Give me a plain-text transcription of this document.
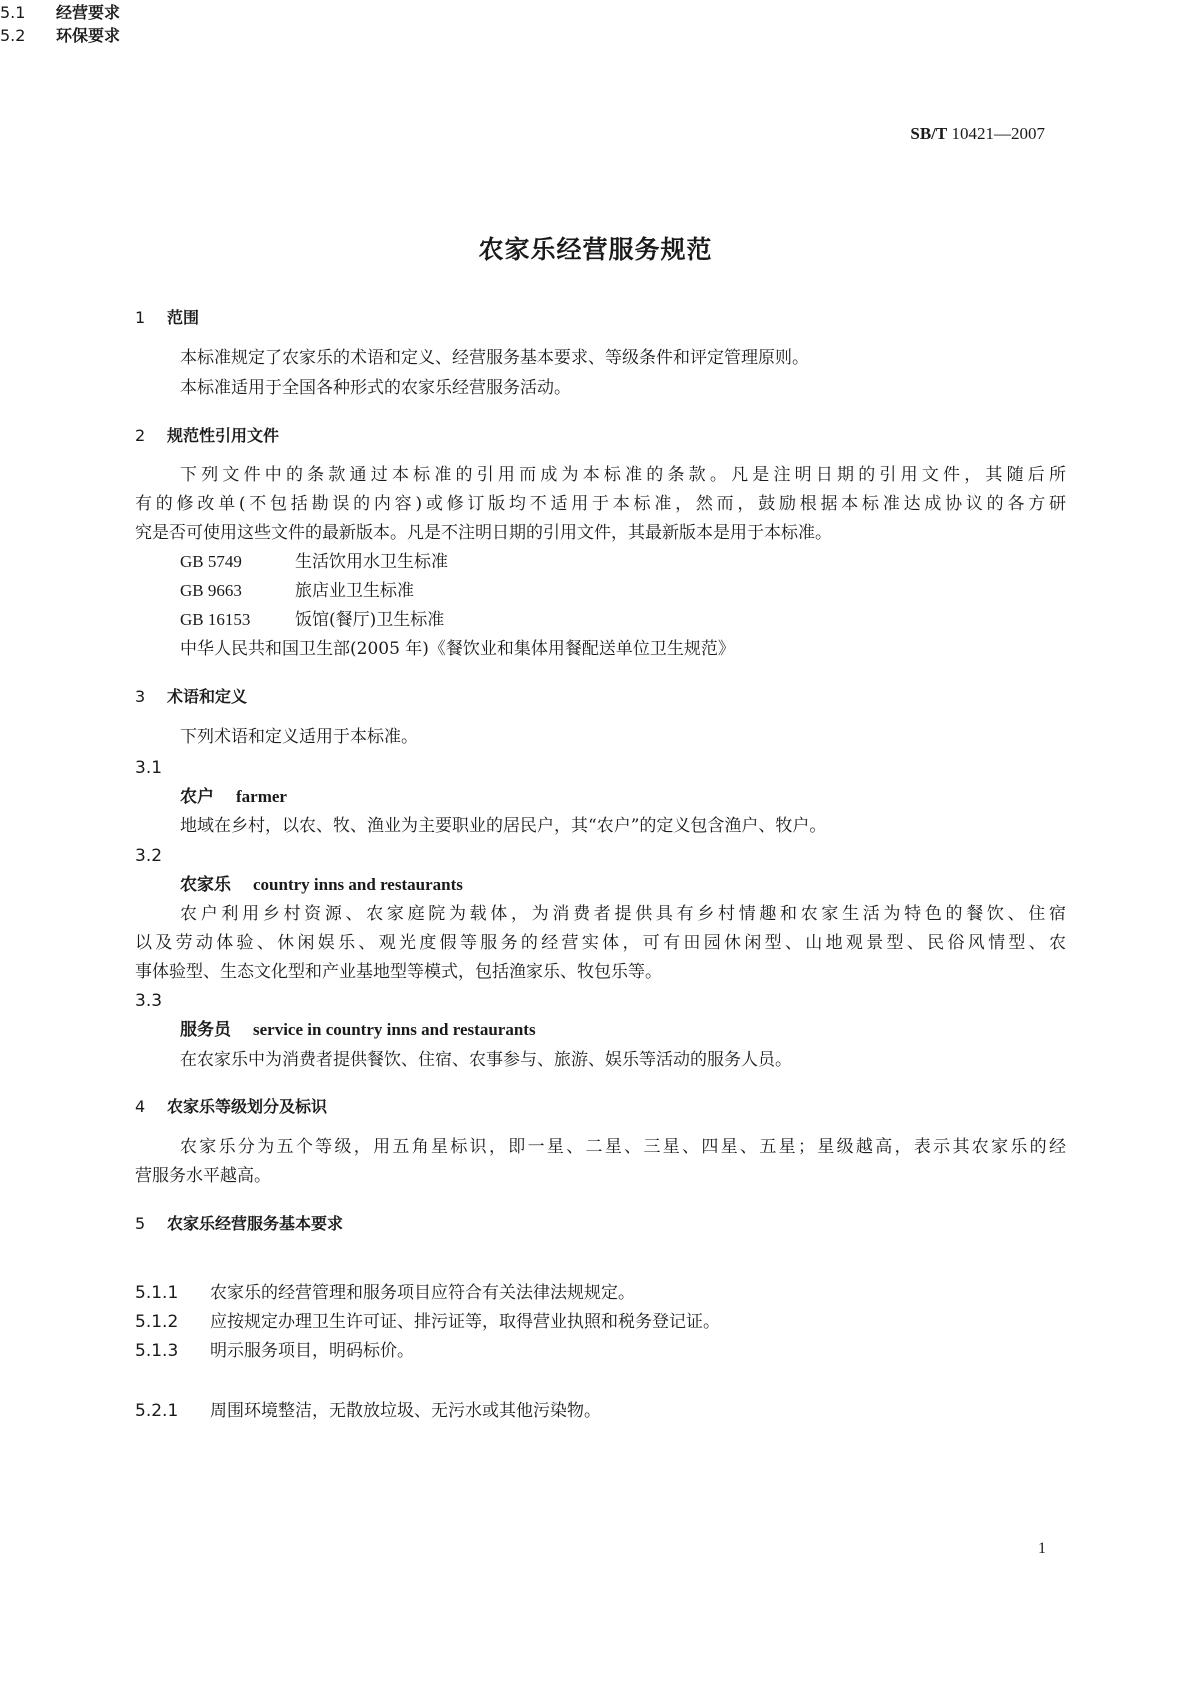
SB/T 10421—2007
农家乐经营服务规范
1 范围
本标准规定了农家乐的术语和定义、经营服务基本要求、等级条件和评定管理原则。
本标准适用于全国各种形式的农家乐经营服务活动。
2 规范性引用文件
下列文件中的条款通过本标准的引用而成为本标准的条款。凡是注明日期的引用文件，其随后所
有的修改单(不包括勘误的内容)或修订版均不适用于本标准，然而，鼓励根据本标准达成协议的各方研
究是否可使用这些文件的最新版本。凡是不注明日期的引用文件，其最新版本是用于本标准。
GB 5749	生活饮用水卫生标准
GB 9663	旅店业卫生标准
GB 16153	饭馆(餐厅)卫生标准
中华人民共和国卫生部(2005 年)《餐饮业和集体用餐配送单位卫生规范》
3 术语和定义
下列术语和定义适用于本标准。
3.1
农户 farmer
地域在乡村，以农、牧、渔业为主要职业的居民户，其“农户”的定义包含渔户、牧户。
3.2
农家乐 country inns and restaurants
农户利用乡村资源、农家庭院为载体，为消费者提供具有乡村情趣和农家生活为特色的餐饮、住宿
以及劳动体验、休闲娱乐、观光度假等服务的经营实体，可有田园休闲型、山地观景型、民俗风情型、农
事体验型、生态文化型和产业基地型等模式，包括渔家乐、牧包乐等。
3.3
服务员 service in country inns and restaurants
在农家乐中为消费者提供餐饮、住宿、农事参与、旅游、娱乐等活动的服务人员。
4 农家乐等级划分及标识
农家乐分为五个等级，用五角星标识，即一星、二星、三星、四星、五星；星级越高，表示其农家乐的经
营服务水平越高。
5 农家乐经营服务基本要求
5.1 经营要求
5.1.1 农家乐的经营管理和服务项目应符合有关法律法规规定。
5.1.2 应按规定办理卫生许可证、排污证等，取得营业执照和税务登记证。
5.1.3 明示服务项目，明码标价。
5.2 环保要求
5.2.1 周围环境整洁，无散放垃圾、无污水或其他污染物。
1
